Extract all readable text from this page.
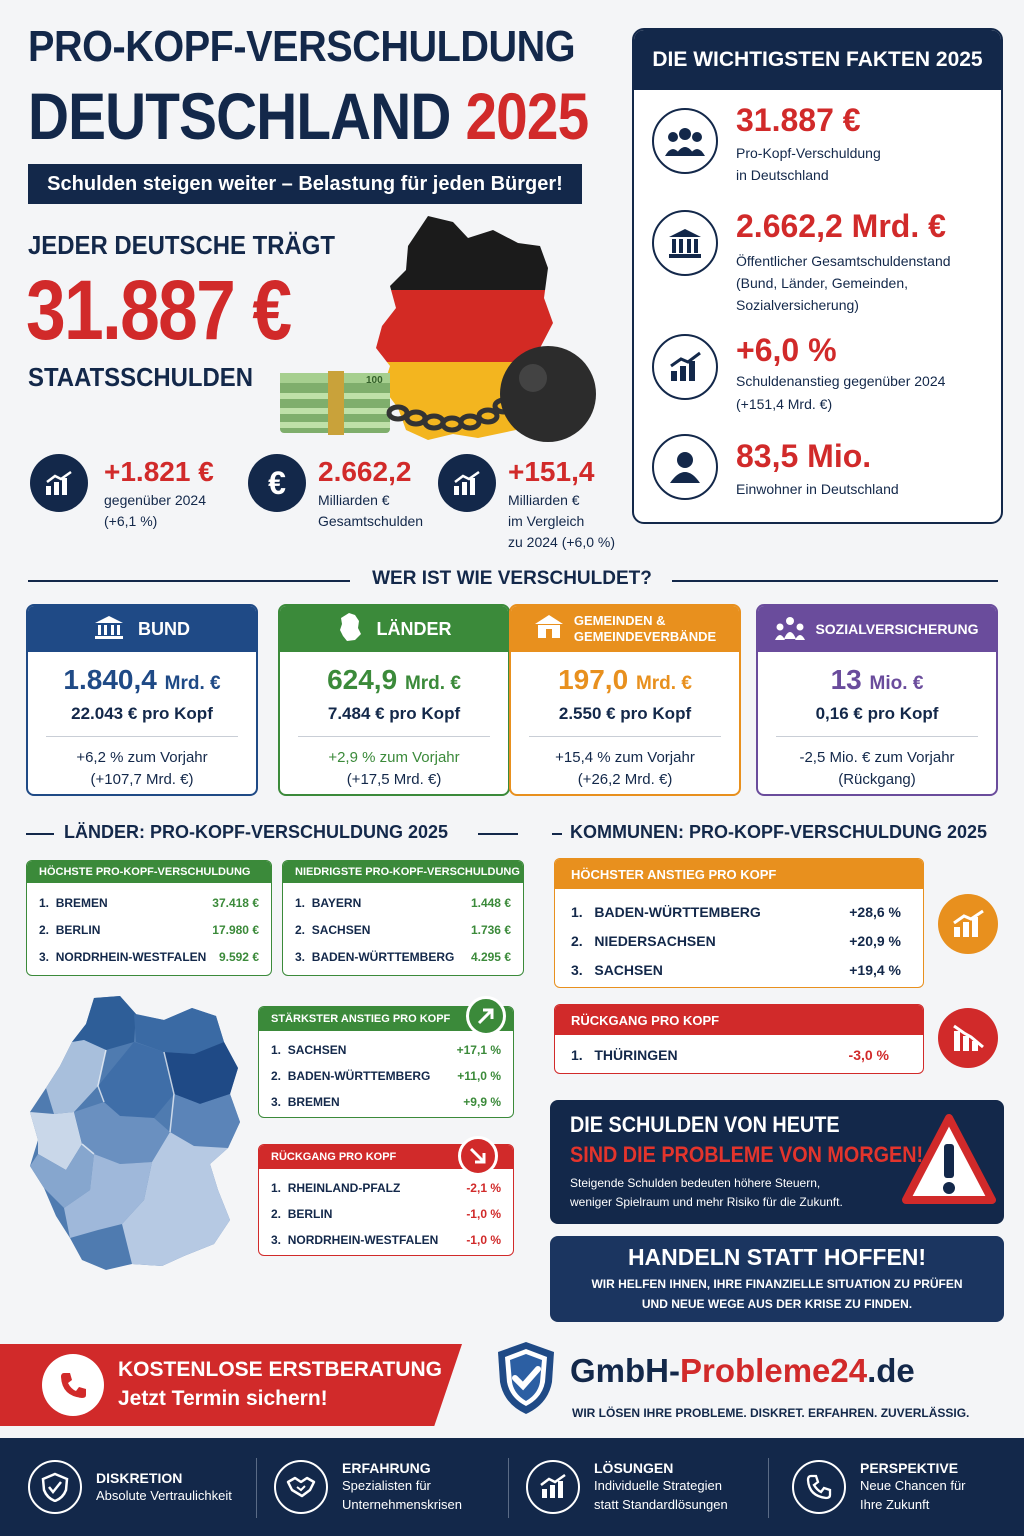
PRO-KOPF-VERSCHULDUNG
DEUTSCHLAND 2025
Schulden steigen weiter – Belastung für jeden Bürger!
JEDER DEUTSCHE TRÄGT
31.887 €
STAATSSCHULDEN	100
+1.821 €
gegenüber 2024
(+6,1 %)
€	2.662,2
Milliarden €
Gesamtschulden
+151,4
Milliarden €
im Vergleich
zu 2024 (+6,0 %)
DIE WICHTIGSTEN FAKTEN 2025
31.887 €
Pro-Kopf-Verschuldung
in Deutschland
2.662,2 Mrd. €
Öffentlicher Gesamtschuldenstand
(Bund, Länder, Gemeinden,
Sozialversicherung)
+6,0 %
Schuldenanstieg gegenüber 2024
(+151,4 Mrd. €)
83,5 Mio.
Einwohner in Deutschland
WER IST WIE VERSCHULDET?
BUND
1.840,4 Mrd. €
22.043 € pro Kopf
+6,2 % zum Vorjahr
(+107,7 Mrd. €)
LÄNDER
624,9 Mrd. €
7.484 € pro Kopf
+2,9 % zum Vorjahr
(+17,5 Mrd. €)
GEMEINDEN &
GEMEINDEVERBÄNDE
197,0 Mrd. €
2.550 € pro Kopf
+15,4 % zum Vorjahr
(+26,2 Mrd. €)
SOZIALVERSICHERUNG
13 Mio. €
0,16 € pro Kopf
-2,5 Mio. € zum Vorjahr
(Rückgang)
LÄNDER: PRO-KOPF-VERSCHULDUNG 2025
HÖCHSTE PRO-KOPF-VERSCHULDUNG
1. BREMEN	37.418 €
2. BERLIN	17.980 €
3. NORDRHEIN-WESTFALEN 9.592 €
NIEDRIGSTE PRO-KOPF-VERSCHULDUNG
1. BAYERN	1.448 €
2. SACHSEN	1.736 €
3. BADEN-WÜRTTEMBERG 4.295 €
STÄRKSTER ANSTIEG PRO KOPF
1. SACHSEN	+17,1 %
2. BADEN-WÜRTTEMBERG +11,0 %
3. BREMEN	+9,9 %
RÜCKGANG PRO KOPF
1. RHEINLAND-PFALZ	-2,1 %
2. BERLIN	-1,0 %
3. NORDRHEIN-WESTFALEN -1,0 %
KOMMUNEN: PRO-KOPF-VERSCHULDUNG 2025
HÖCHSTER ANSTIEG PRO KOPF
1. BADEN-WÜRTTEMBERG	+28,6 %
2. NIEDERSACHSEN	+20,9 %
3. SACHSEN	+19,4 %
RÜCKGANG PRO KOPF
1. THÜRINGEN	-3,0 %
DIE SCHULDEN VON HEUTE
SIND DIE PROBLEME VON MORGEN!
Steigende Schulden bedeuten höhere Steuern,
weniger Spielraum und mehr Risiko für die Zukunft.
HANDELN STATT HOFFEN!
WIR HELFEN IHNEN, IHRE FINANZIELLE SITUATION ZU PRÜFEN
UND NEUE WEGE AUS DER KRISE ZU FINDEN.
KOSTENLOSE ERSTBERATUNG
Jetzt Termin sichern!
GmbH-Probleme24.de
WIR LÖSEN IHRE PROBLEME. DISKRET. ERFAHREN. ZUVERLÄSSIG.
DISKRETION
Absolute Vertraulichkeit
ERFAHRUNG
Spezialisten für
Unternehmenskrisen
LÖSUNGEN
Individuelle Strategien
statt Standardlösungen
PERSPEKTIVE
Neue Chancen für
Ihre Zukunft
